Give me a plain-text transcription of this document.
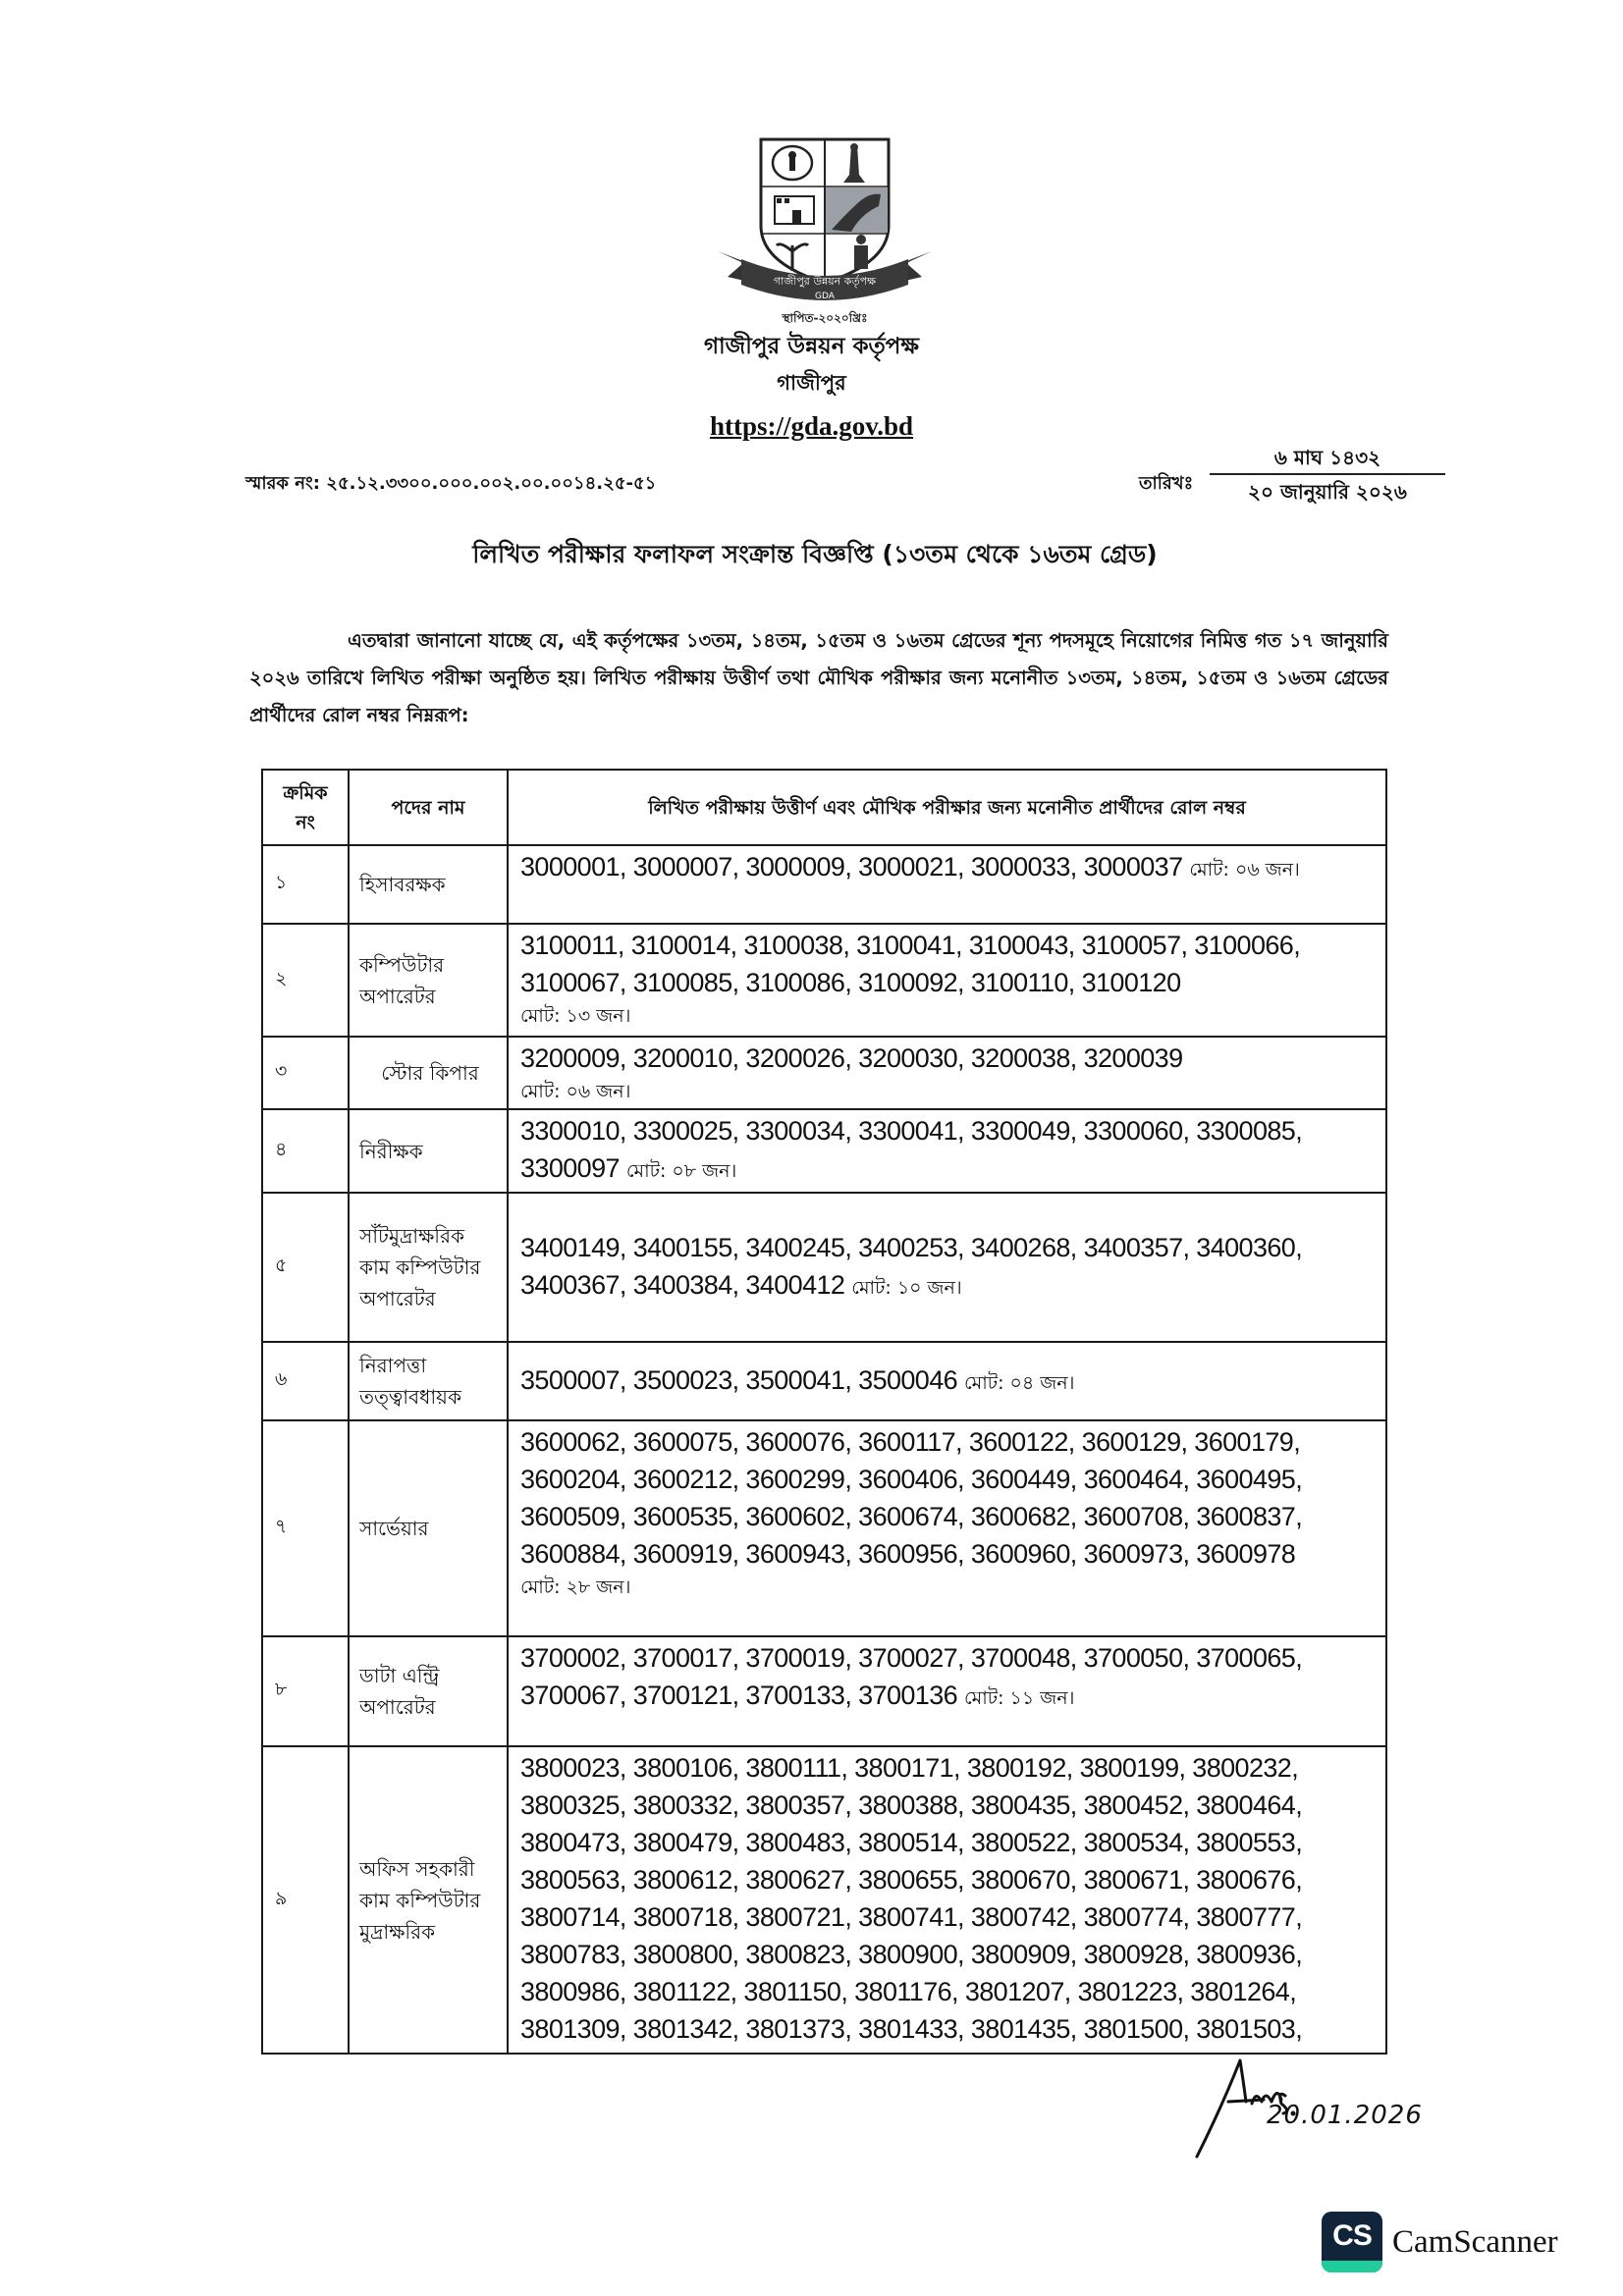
গাজীপুর উন্নয়ন কর্তৃপক্ষ
GDA
স্থাপিত-২০২০খ্রিঃ
গাজীপুর উন্নয়ন কর্তৃপক্ষ
গাজীপুর
https://gda.gov.bd
স্মারক নং: ২৫.১২.৩৩০০.০০০.০০২.০০.০০১৪.২৫-৫১	তারিখঃ
৬ মাঘ ১৪৩২
২০ জানুয়ারি ২০২৬
লিখিত পরীক্ষার ফলাফল সংক্রান্ত বিজ্ঞপ্তি (১৩তম থেকে ১৬তম গ্রেড)
এতদ্বারা জানানো যাচ্ছে যে, এই কর্তৃপক্ষের ১৩তম, ১৪তম, ১৫তম ও ১৬তম গ্রেডের শূন্য পদসমূহে নিয়োগের নিমিত্ত গত ১৭ জানুয়ারি ২০২৬ তারিখে লিখিত পরীক্ষা অনুষ্ঠিত হয়। লিখিত পরীক্ষায় উত্তীর্ণ তথা মৌখিক পরীক্ষার জন্য মনোনীত ১৩তম, ১৪তম, ১৫তম ও ১৬তম গ্রেডের প্রার্থীদের রোল নম্বর নিম্নরূপ:
ক্রমিক নং	পদের নাম	লিখিত পরীক্ষায় উত্তীর্ণ এবং মৌখিক পরীক্ষার জন্য মনোনীত প্রার্থীদের রোল নম্বর
১	হিসাবরক্ষক	3000001, 3000007, 3000009, 3000021, 3000033, 3000037 মোট: ০৬ জন।
২	কম্পিউটার অপারেটর	3100011, 3100014, 3100038, 3100041, 3100043, 3100057, 3100066, 3100067, 3100085, 3100086, 3100092, 3100110, 3100120
মোট: ১৩ জন।

৩	স্টোর কিপার	3200009, 3200010, 3200026, 3200030, 3200038, 3200039
মোট: ০৬ জন।

৪	নিরীক্ষক	3300010, 3300025, 3300034, 3300041, 3300049, 3300060, 3300085, 3300097 মোট: ০৮ জন।
৫	সাঁটমুদ্রাক্ষরিক কাম কম্পিউটার অপারেটর	3400149, 3400155, 3400245, 3400253, 3400268, 3400357, 3400360, 3400367, 3400384, 3400412 মোট: ১০ জন।
৬	নিরাপত্তা তত্ত্বাবধায়ক	3500007, 3500023, 3500041, 3500046 মোট: ০৪ জন।
৭	সার্ভেয়ার	3600062, 3600075, 3600076, 3600117, 3600122, 3600129, 3600179, 3600204, 3600212, 3600299, 3600406, 3600449, 3600464, 3600495, 3600509, 3600535, 3600602, 3600674, 3600682, 3600708, 3600837, 3600884, 3600919, 3600943, 3600956, 3600960, 3600973, 3600978
মোট: ২৮ জন।

৮	ডাটা এন্ট্রি অপারেটর	3700002, 3700017, 3700019, 3700027, 3700048, 3700050, 3700065, 3700067, 3700121, 3700133, 3700136 মোট: ১১ জন।
৯	অফিস সহকারী কাম কম্পিউটার মুদ্রাক্ষরিক	3800023, 3800106, 3800111, 3800171, 3800192, 3800199, 3800232, 3800325, 3800332, 3800357, 3800388, 3800435, 3800452, 3800464, 3800473, 3800479, 3800483, 3800514, 3800522, 3800534, 3800553, 3800563, 3800612, 3800627, 3800655, 3800670, 3800671, 3800676, 3800714, 3800718, 3800721, 3800741, 3800742, 3800774, 3800777, 3800783, 3800800, 3800823, 3800900, 3800909, 3800928, 3800936, 3800986, 3801122, 3801150, 3801176, 3801207, 3801223, 3801264, 3801309, 3801342, 3801373, 3801433, 3801435, 3801500, 3801503,
20.01.2026
CS CamScanner
